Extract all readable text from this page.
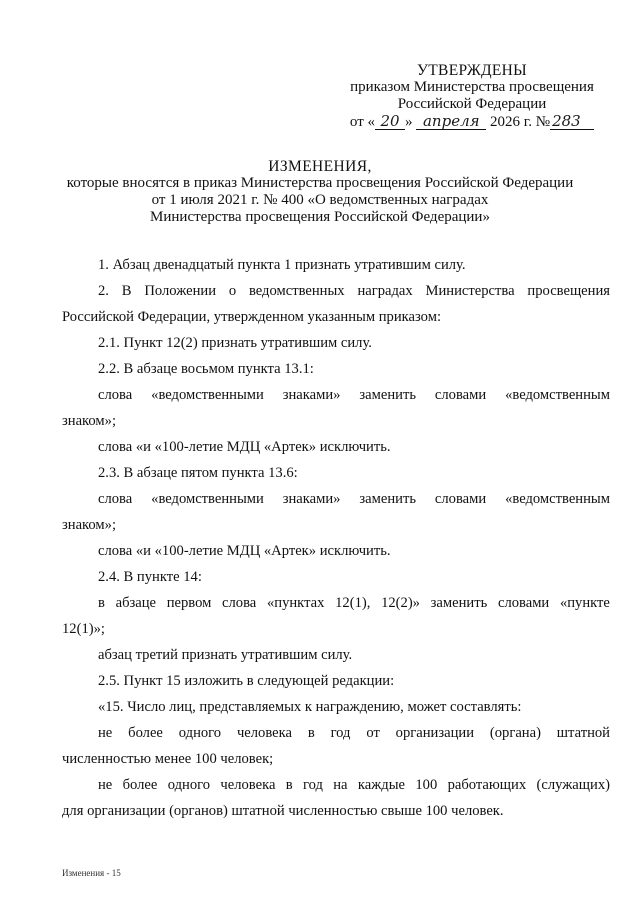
УТВЕРЖДЕНЫ
приказом Министерства просвещения
Российской Федерации
от « 20 » апреля 2026 г. № 283
ИЗМЕНЕНИЯ,
которые вносятся в приказ Министерства просвещения Российской Федерации
от 1 июля 2021 г. № 400 «О ведомственных наградах
Министерства просвещения Российской Федерации»
1. Абзац двенадцатый пункта 1 признать утратившим силу.
2. В Положении о ведомственных наградах Министерства просвещения
Российской Федерации, утвержденном указанным приказом:
2.1. Пункт 12(2) признать утратившим силу.
2.2. В абзаце восьмом пункта 13.1:
слова «ведомственными знаками» заменить словами «ведомственным
знаком»;
слова «и «100-летие МДЦ «Артек» исключить.
2.3. В абзаце пятом пункта 13.6:
слова «ведомственными знаками» заменить словами «ведомственным
знаком»;
слова «и «100-летие МДЦ «Артек» исключить.
2.4. В пункте 14:
в абзаце первом слова «пунктах 12(1), 12(2)» заменить словами «пункте
12(1)»;
абзац третий признать утратившим силу.
2.5. Пункт 15 изложить в следующей редакции:
«15. Число лиц, представляемых к награждению, может составлять:
не более одного человека в год от организации (органа) штатной
численностью менее 100 человек;
не более одного человека в год на каждые 100 работающих (служащих)
для организации (органов) штатной численностью свыше 100 человек.
Изменения - 15
